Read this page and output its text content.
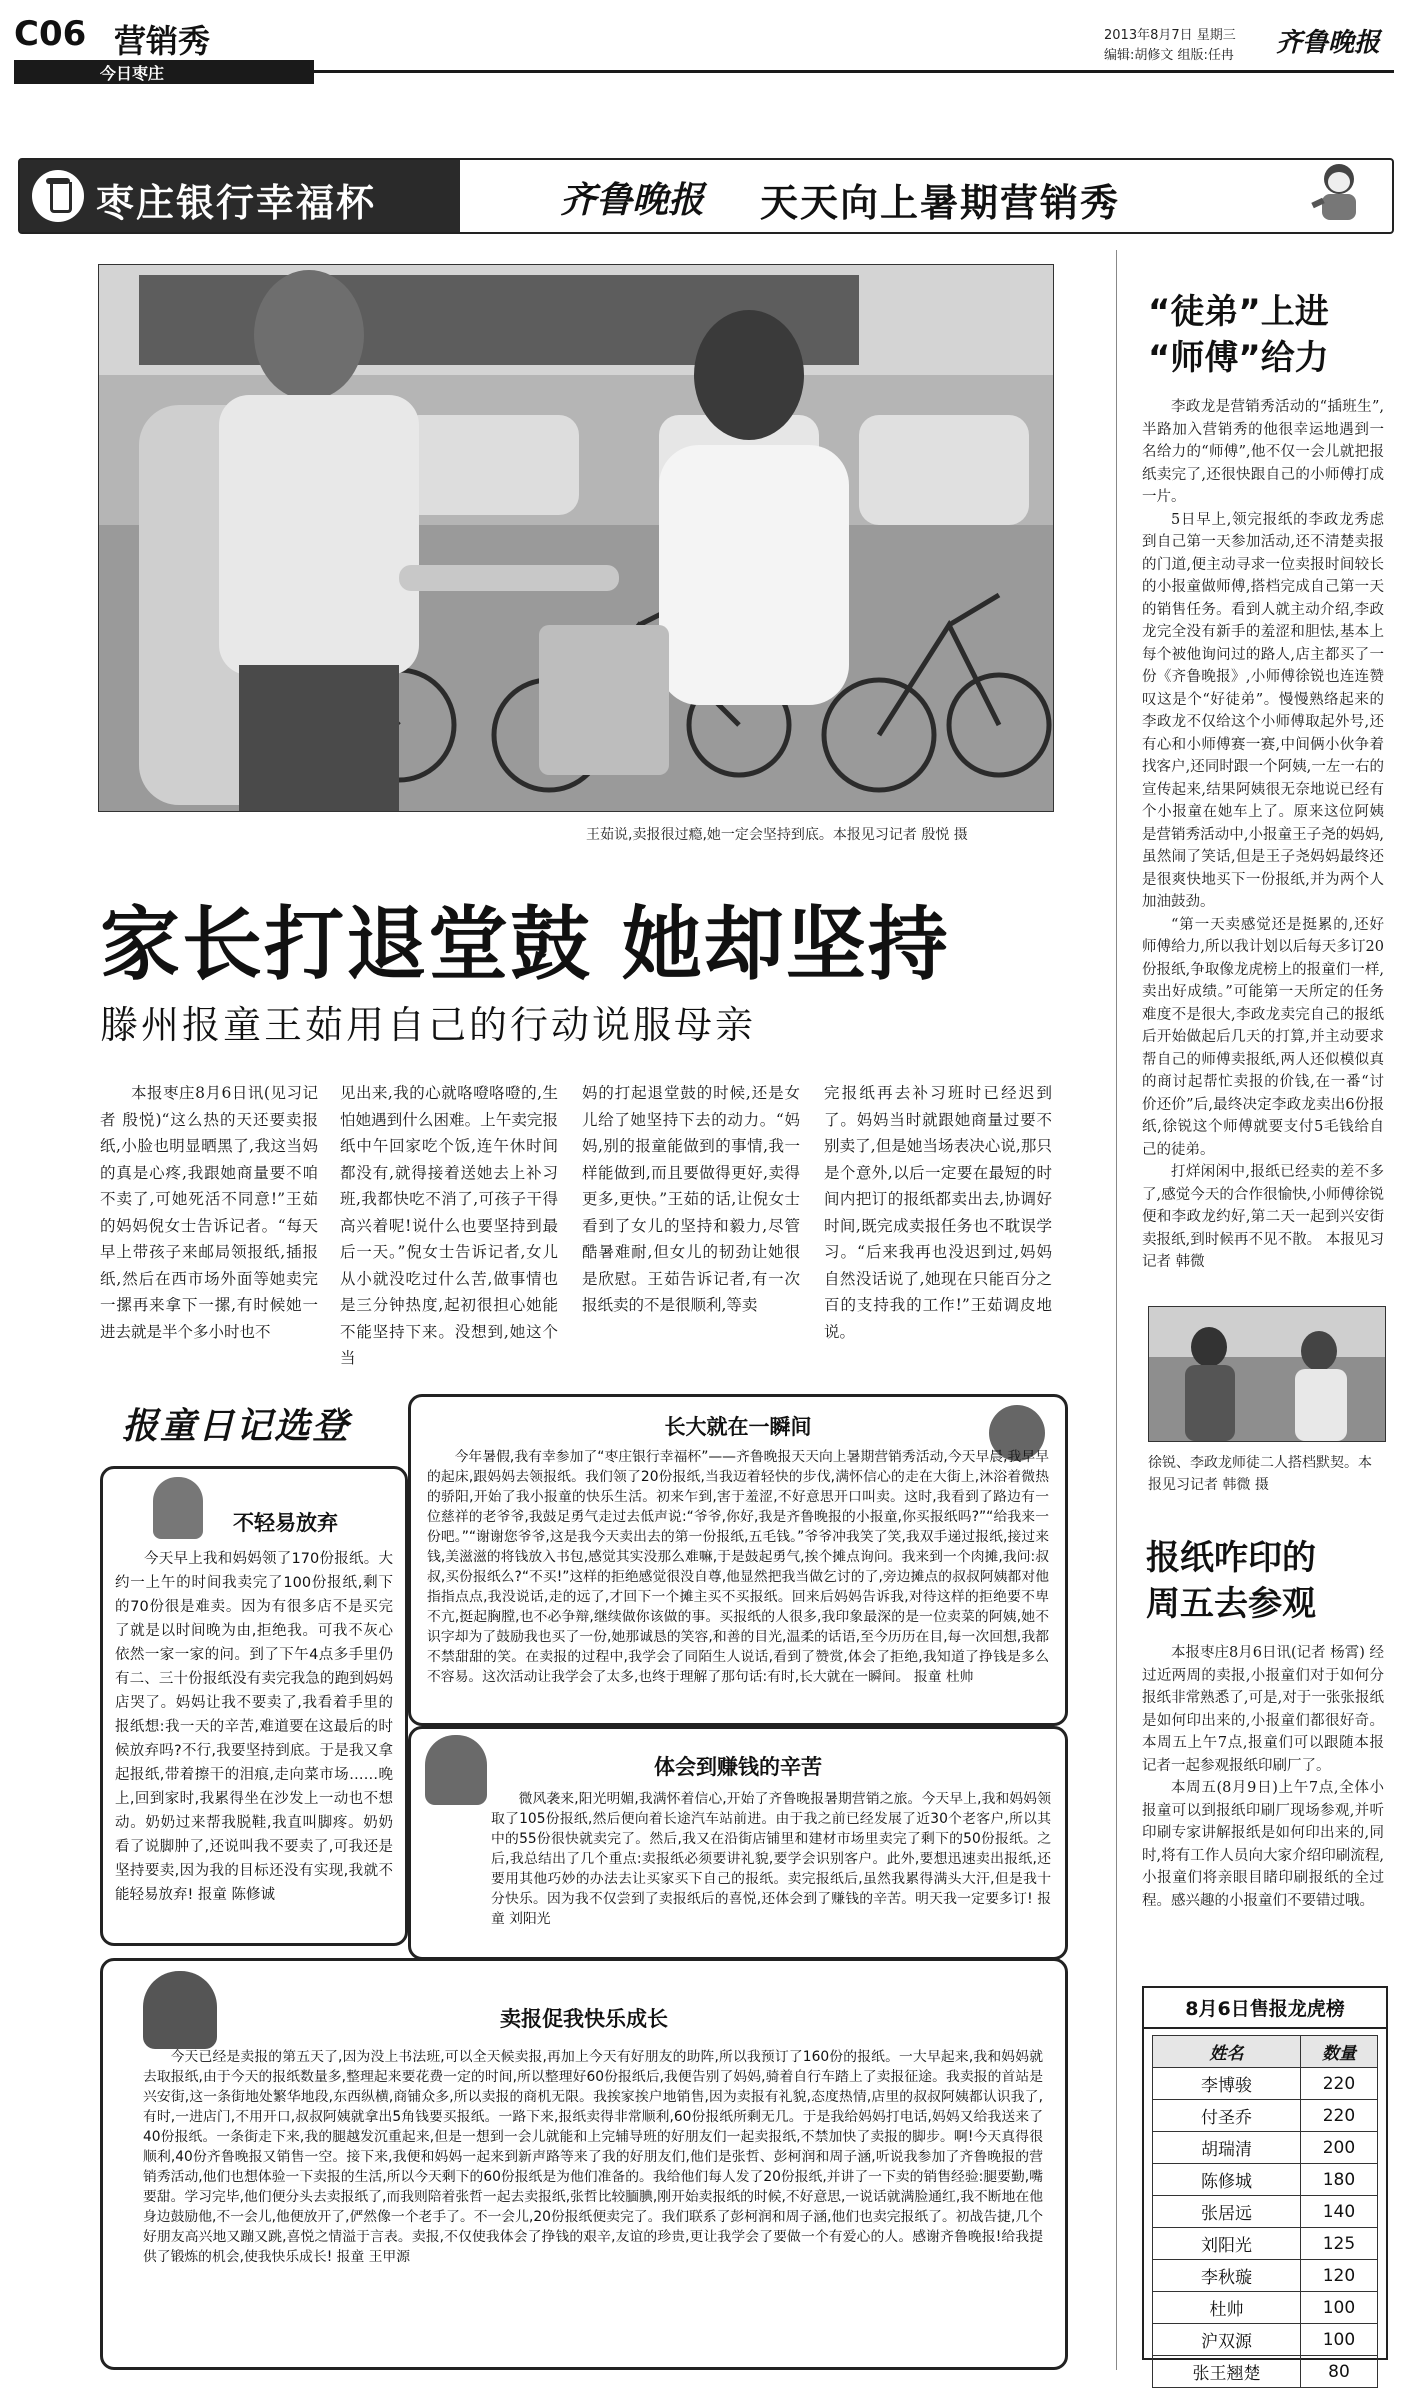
C06 营销秀
今日枣庄
2013年8月7日 星期三
编辑:胡修文 组版:任冉 齐鲁晚报
枣庄银行幸福杯	齐鲁晚报 天天向上暑期营销秀
王茹说,卖报很过瘾,她一定会坚持到底。本报见习记者 殷悦 摄
家长打退堂鼓 她却坚持
滕州报童王茹用自己的行动说服母亲

本报枣庄8月6日讯(见习记者 殷悦)“这么热的天还要卖报纸,小脸也明显晒黑了,我这当妈的真是心疼,我跟她商量要不咱不卖了,可她死活不同意!”王茹的妈妈倪女士告诉记者。“每天早上带孩子来邮局领报纸,插报纸,然后在西市场外面等她卖完一摞再来拿下一摞,有时候她一进去就是半个多小时也不

见出来,我的心就咯噔咯噔的,生怕她遇到什么困难。上午卖完报纸中午回家吃个饭,连午休时间都没有,就得接着送她去上补习班,我都快吃不消了,可孩子干得高兴着呢!说什么也要坚持到最后一天。”倪女士告诉记者,女儿从小就没吃过什么苦,做事情也是三分钟热度,起初很担心她能不能坚持下来。没想到,她这个当

妈的打起退堂鼓的时候,还是女儿给了她坚持下去的动力。“妈妈,别的报童能做到的事情,我一样能做到,而且要做得更好,卖得更多,更快。”王茹的话,让倪女士看到了女儿的坚持和毅力,尽管酷暑难耐,但女儿的韧劲让她很是欣慰。王茹告诉记者,有一次报纸卖的不是很顺利,等卖

完报纸再去补习班时已经迟到了。妈妈当时就跟她商量过要不别卖了,但是她当场表决心说,那只是个意外,以后一定要在最短的时间内把订的报纸都卖出去,协调好时间,既完成卖报任务也不耽误学习。“后来我再也没迟到过,妈妈自然没话说了,她现在只能百分之百的支持我的工作!”王茹调皮地说。

“徒弟”上进
“师傅”给力

李政龙是营销秀活动的“插班生”,半路加入营销秀的他很幸运地遇到一名给力的“师傅”,他不仅一会儿就把报纸卖完了,还很快跟自己的小师傅打成一片。

5日早上,领完报纸的李政龙秀虑到自己第一天参加活动,还不清楚卖报的门道,便主动寻求一位卖报时间较长的小报童做师傅,搭档完成自己第一天的销售任务。看到人就主动介绍,李政龙完全没有新手的羞涩和胆怯,基本上每个被他询问过的路人,店主都买了一份《齐鲁晚报》,小师傅徐锐也连连赞叹这是个“好徒弟”。慢慢熟络起来的李政龙不仅给这个小师傅取起外号,还有心和小师傅赛一赛,中间俩小伙争着找客户,还同时跟一个阿姨,一左一右的宣传起来,结果阿姨很无奈地说已经有个小报童在她车上了。原来这位阿姨是营销秀活动中,小报童王子尧的妈妈,虽然闹了笑话,但是王子尧妈妈最终还是很爽快地买下一份报纸,并为两个人加油鼓劲。

“第一天卖感觉还是挺累的,还好师傅给力,所以我计划以后每天多订20份报纸,争取像龙虎榜上的报童们一样,卖出好成绩。”可能第一天所定的任务难度不是很大,李政龙卖完自己的报纸后开始做起后几天的打算,并主动要求帮自己的师傅卖报纸,两人还似模似真的商讨起帮忙卖报的价钱,在一番“讨价还价”后,最终决定李政龙卖出6份报纸,徐锐这个师傅就要支付5毛钱给自己的徒弟。

打烊闲闲中,报纸已经卖的差不多了,感觉今天的合作很愉快,小师傅徐锐便和李政龙约好,第二天一起到兴安街卖报纸,到时候再不见不散。 本报见习记者 韩微

徐锐、李政龙师徒二人搭档默契。本报见习记者 韩微 摄
报纸咋印的
周五去参观

本报枣庄8月6日讯(记者 杨霄) 经过近两周的卖报,小报童们对于如何分报纸非常熟悉了,可是,对于一张张报纸是如何印出来的,小报童们都很好奇。本周五上午7点,报童们可以跟随本报记者一起参观报纸印刷厂了。

本周五(8月9日)上午7点,全体小报童可以到报纸印刷厂现场参观,并听印刷专家讲解报纸是如何印出来的,同时,将有工作人员向大家介绍印刷流程,小报童们将亲眼目睹印刷报纸的全过程。感兴趣的小报童们不要错过哦。

8月6日售报龙虎榜
姓名	数量
李博骏	220
付圣乔	220
胡瑞清	200
陈修城	180
张居远	140
刘阳光	125
李秋璇	120
杜帅	100
沪双源	100
张王翘楚	80
报童日记选登
不轻易放弃

今天早上我和妈妈领了170份报纸。大约一上午的时间我卖完了100份报纸,剩下的70份很是难卖。因为有很多店不是买完了就是以时间晚为由,拒绝我。可我不灰心依然一家一家的问。到了下午4点多手里仍有二、三十份报纸没有卖完我急的跑到妈妈店哭了。妈妈让我不要卖了,我看着手里的报纸想:我一天的辛苦,难道要在这最后的时候放弃吗?不行,我要坚持到底。于是我又拿起报纸,带着擦干的泪痕,走向菜市场……晚上,回到家时,我累得坐在沙发上一动也不想动。奶奶过来帮我脱鞋,我直叫脚疼。奶奶看了说脚肿了,还说叫我不要卖了,可我还是坚持要卖,因为我的目标还没有实现,我就不能轻易放弃! 报童 陈修诚

长大就在一瞬间

今年暑假,我有幸参加了“枣庄银行幸福杯”——齐鲁晚报天天向上暑期营销秀活动,今天早晨,我早早的起床,跟妈妈去领报纸。我们领了20份报纸,当我迈着轻快的步伐,满怀信心的走在大街上,沐浴着微热的骄阳,开始了我小报童的快乐生活。初来乍到,害于羞涩,不好意思开口叫卖。这时,我看到了路边有一位慈祥的老爷爷,我鼓足勇气走过去低声说:“爷爷,你好,我是齐鲁晚报的小报童,你买报纸吗?”“给我来一份吧。”“谢谢您爷爷,这是我今天卖出去的第一份报纸,五毛钱。”爷爷冲我笑了笑,我双手递过报纸,接过来钱,美滋滋的将钱放入书包,感觉其实没那么难嘛,于是鼓起勇气,挨个摊点询问。我来到一个肉摊,我问:叔叔,买份报纸么?“不买!”这样的拒绝感觉很没自尊,他显然把我当做乞讨的了,旁边摊点的叔叔阿姨都对他指指点点,我没说话,走的远了,才回下一个摊主买不买报纸。回来后妈妈告诉我,对待这样的拒绝要不卑不亢,挺起胸膛,也不必争辩,继续做你该做的事。买报纸的人很多,我印象最深的是一位卖菜的阿姨,她不识字却为了鼓励我也买了一份,她那诚恳的笑容,和善的目光,温柔的话语,至今历历在目,每一次回想,我都不禁甜甜的笑。在卖报的过程中,我学会了同陌生人说话,看到了赞赏,体会了拒绝,我知道了挣钱是多么不容易。这次活动让我学会了太多,也终于理解了那句话:有时,长大就在一瞬间。 报童 杜帅

体会到赚钱的辛苦

微风袭来,阳光明媚,我满怀着信心,开始了齐鲁晚报暑期营销之旅。今天早上,我和妈妈领取了105份报纸,然后便向着长途汽车站前进。由于我之前已经发展了近30个老客户,所以其中的55份很快就卖完了。然后,我又在沿街店铺里和建材市场里卖完了剩下的50份报纸。之后,我总结出了几个重点:卖报纸必须要讲礼貌,要学会识别客户。此外,要想迅速卖出报纸,还要用其他巧妙的办法去让买家买下自己的报纸。卖完报纸后,虽然我累得满头大汗,但是我十分快乐。因为我不仅尝到了卖报纸后的喜悦,还体会到了赚钱的辛苦。明天我一定要多订! 报童 刘阳光

卖报促我快乐成长

今天已经是卖报的第五天了,因为没上书法班,可以全天候卖报,再加上今天有好朋友的助阵,所以我预订了160份的报纸。一大早起来,我和妈妈就去取报纸,由于今天的报纸数量多,整理起来要花费一定的时间,所以整理好60份报纸后,我便告别了妈妈,骑着自行车踏上了卖报征途。我卖报的首站是兴安街,这一条街地处繁华地段,东西纵横,商铺众多,所以卖报的商机无限。我挨家挨户地销售,因为卖报有礼貌,态度热情,店里的叔叔阿姨都认识我了,有时,一进店门,不用开口,叔叔阿姨就拿出5角钱要买报纸。一路下来,报纸卖得非常顺利,60份报纸所剩无几。于是我给妈妈打电话,妈妈又给我送来了40份报纸。一条街走下来,我的腿越发沉重起来,但是一想到一会儿就能和上完辅导班的好朋友们一起卖报纸,不禁加快了卖报的脚步。啊!今天真得很顺利,40份齐鲁晚报又销售一空。接下来,我便和妈妈一起来到新声路等来了我的好朋友们,他们是张哲、彭柯润和周子涵,听说我参加了齐鲁晚报的营销秀活动,他们也想体验一下卖报的生活,所以今天剩下的60份报纸是为他们准备的。我给他们每人发了20份报纸,并讲了一下卖的销售经验:腿要勤,嘴要甜。学习完毕,他们便分头去卖报纸了,而我则陪着张哲一起去卖报纸,张哲比较腼腆,刚开始卖报纸的时候,不好意思,一说话就满脸通红,我不断地在他身边鼓励他,不一会儿,他便放开了,俨然像一个老手了。不一会儿,20份报纸便卖完了。我们联系了彭柯润和周子涵,他们也卖完报纸了。初战告捷,几个好朋友高兴地又蹦又跳,喜悦之情溢于言表。卖报,不仅使我体会了挣钱的艰辛,友谊的珍贵,更让我学会了要做一个有爱心的人。感谢齐鲁晚报!给我提供了锻炼的机会,使我快乐成长! 报童 王甲源
